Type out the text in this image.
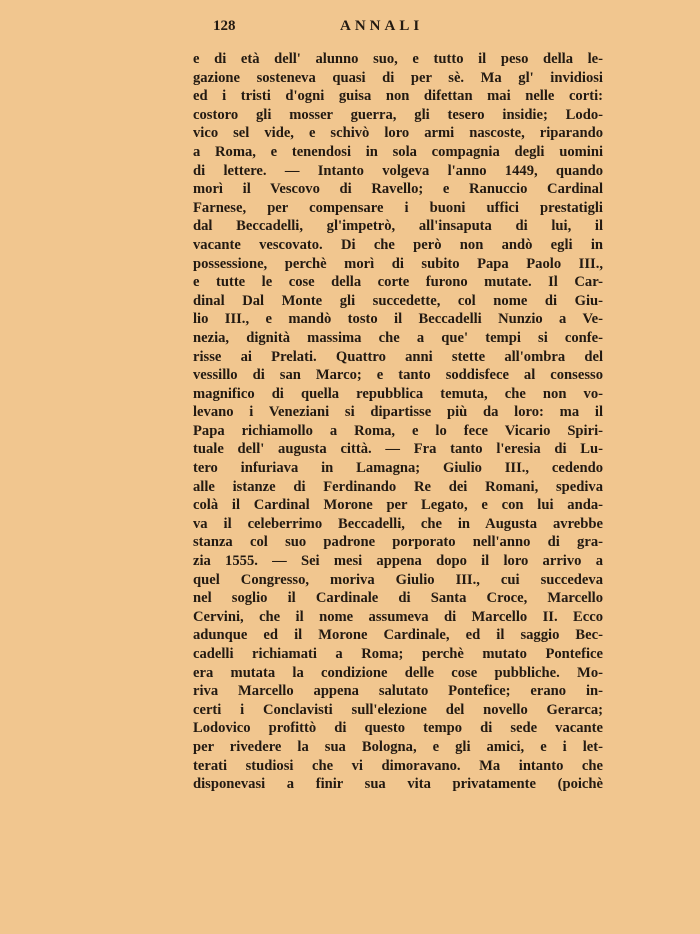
128	ANNALI
e di età dell' alunno suo, e tutto il peso della le-
gazione sosteneva quasi di per sè. Ma gl' invidiosi
ed i tristi d'ogni guisa non difettan mai nelle corti:
costoro gli mosser guerra, gli tesero insidie; Lodo-
vico sel vide, e schivò loro armi nascoste, riparando
a Roma, e tenendosi in sola compagnia degli uomini
di lettere. — Intanto volgeva l'anno 1449, quando
morì il Vescovo di Ravello; e Ranuccio Cardinal
Farnese, per compensare i buoni uffici prestatigli
dal Beccadelli, gl'impetrò, all'insaputa di lui, il
vacante vescovato. Di che però non andò egli in
possessione, perchè morì di subito Papa Paolo III.,
e tutte le cose della corte furono mutate. Il Car-
dinal Dal Monte gli succedette, col nome di Giu-
lio III., e mandò tosto il Beccadelli Nunzio a Ve-
nezia, dignità massima che a que' tempi si confe-
risse ai Prelati. Quattro anni stette all'ombra del
vessillo di san Marco; e tanto soddisfece al consesso
magnifico di quella repubblica temuta, che non vo-
levano i Veneziani si dipartisse più da loro: ma il
Papa richiamollo a Roma, e lo fece Vicario Spiri-
tuale dell' augusta città. — Fra tanto l'eresia di Lu-
tero infuriava in Lamagna; Giulio III., cedendo
alle istanze di Ferdinando Re dei Romani, spediva
colà il Cardinal Morone per Legato, e con lui anda-
va il celeberrimo Beccadelli, che in Augusta avrebbe
stanza col suo padrone porporato nell'anno di gra-
zia 1555. — Sei mesi appena dopo il loro arrivo a
quel Congresso, moriva Giulio III., cui succedeva
nel soglio il Cardinale di Santa Croce, Marcello
Cervini, che il nome assumeva di Marcello II. Ecco
adunque ed il Morone Cardinale, ed il saggio Bec-
cadelli richiamati a Roma; perchè mutato Pontefice
era mutata la condizione delle cose pubbliche. Mo-
riva Marcello appena salutato Pontefice; erano in-
certi i Conclavisti sull'elezione del novello Gerarca;
Lodovico profittò di questo tempo di sede vacante
per rivedere la sua Bologna, e gli amici, e i let-
terati studiosi che vi dimoravano. Ma intanto che
disponevasi a finir sua vita privatamente (poichè
